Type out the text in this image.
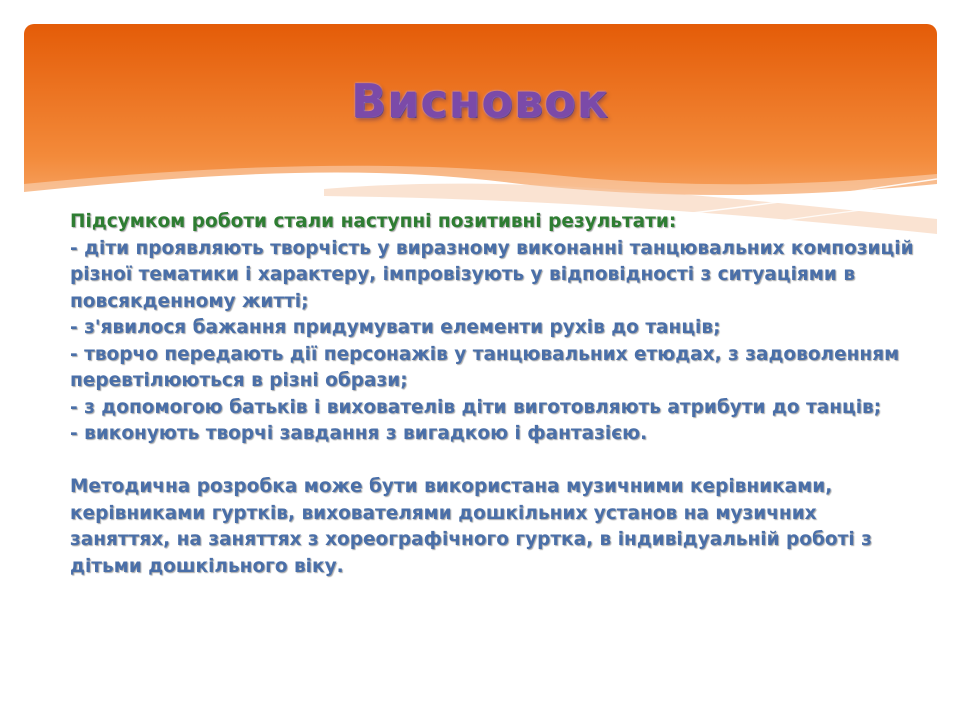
Висновок

Підсумком роботи стали наступні позитивні результати:

- діти проявляють творчість у виразному виконанні танцювальних композицій

різної тематики і характеру, імпровізують у відповідності з ситуаціями в

повсякденному житті;

- з'явилося бажання придумувати елементи рухів до танців;

- творчо передають дії персонажів у танцювальних етюдах, з задоволенням

перевтілюються в різні образи;

- з допомогою батьків і вихователів діти виготовляють атрибути до танців;

- виконують творчі завдання з вигадкою і фантазією.

Методична розробка може бути використана музичними керівниками,

керівниками гуртків, вихователями дошкільних установ на музичних

заняттях, на заняттях з хореографічного гуртка, в індивідуальній роботі з

дітьми дошкільного віку.
